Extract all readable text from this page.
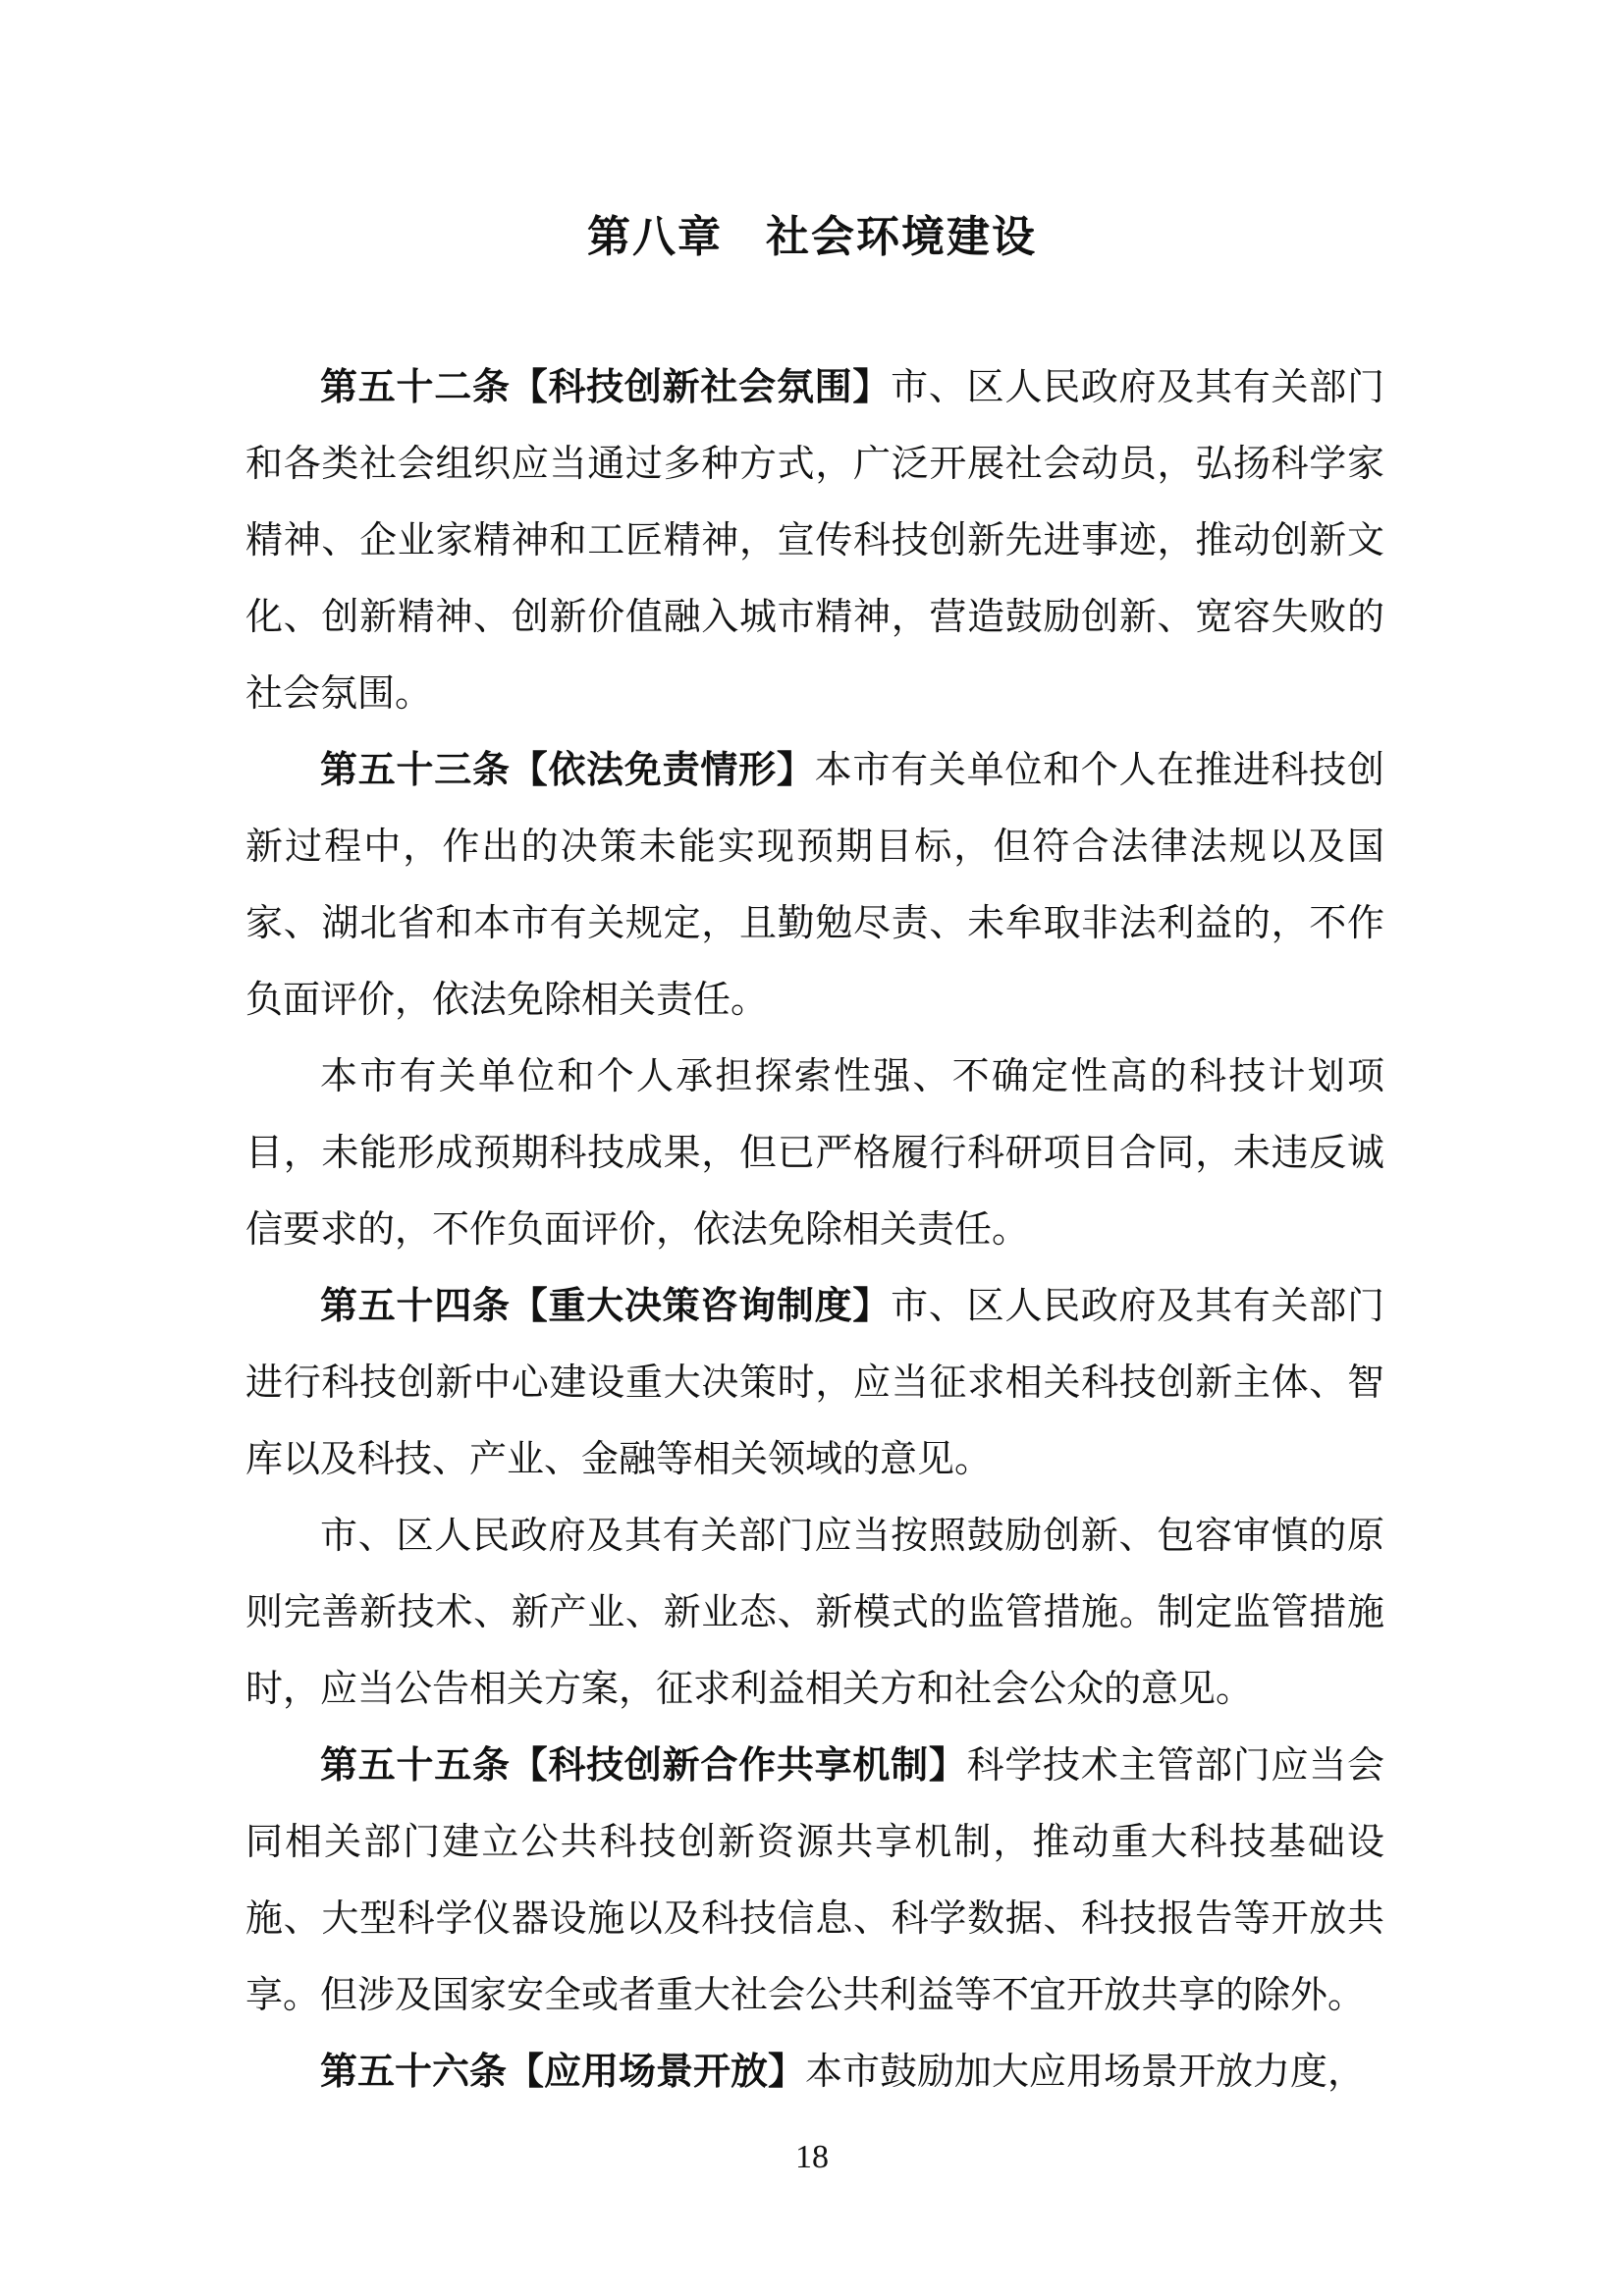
第八章 社会环境建设

第五十二条【科技创新社会氛围】市、区人民政府及其有关部门和各类社会组织应当通过多种方式，广泛开展社会动员，弘扬科学家精神、企业家精神和工匠精神，宣传科技创新先进事迹，推动创新文化、创新精神、创新价值融入城市精神，营造鼓励创新、宽容失败的社会氛围。

第五十三条【依法免责情形】本市有关单位和个人在推进科技创新过程中，作出的决策未能实现预期目标，但符合法律法规以及国家、湖北省和本市有关规定，且勤勉尽责、未牟取非法利益的，不作负面评价，依法免除相关责任。

本市有关单位和个人承担探索性强、不确定性高的科技计划项目，未能形成预期科技成果，但已严格履行科研项目合同，未违反诚信要求的，不作负面评价，依法免除相关责任。

第五十四条【重大决策咨询制度】市、区人民政府及其有关部门进行科技创新中心建设重大决策时，应当征求相关科技创新主体、智库以及科技、产业、金融等相关领域的意见。

市、区人民政府及其有关部门应当按照鼓励创新、包容审慎的原则完善新技术、新产业、新业态、新模式的监管措施。制定监管措施时，应当公告相关方案，征求利益相关方和社会公众的意见。

第五十五条【科技创新合作共享机制】科学技术主管部门应当会同相关部门建立公共科技创新资源共享机制，推动重大科技基础设施、大型科学仪器设施以及科技信息、科学数据、科技报告等开放共享。但涉及国家安全或者重大社会公共利益等不宜开放共享的除外。

第五十六条【应用场景开放】本市鼓励加大应用场景开放力度，

18
